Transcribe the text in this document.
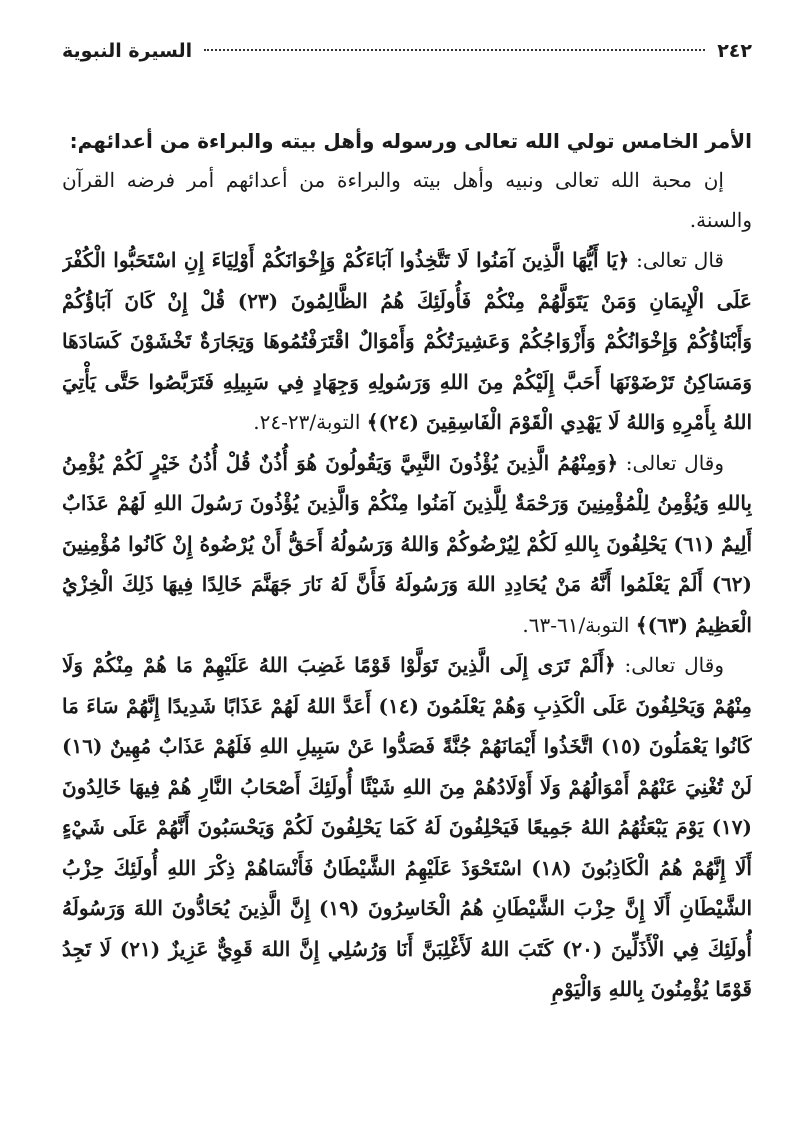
٢٤٢
السيرة النبوية
الأمر الخامس تولي الله تعالى ورسوله وأهل بيته والبراءة من أعدائهم:

إن محبة الله تعالى ونبيه وأهل بيته والبراءة من أعدائهم أمر فرضه القرآن والسنة.

قال تعالى: ﴿يَا أَيُّهَا الَّذِينَ آمَنُوا لَا تَتَّخِذُوا آبَاءَكُمْ وَإِخْوَانَكُمْ أَوْلِيَاءَ إِنِ اسْتَحَبُّوا الْكُفْرَ عَلَى الْإِيمَانِ وَمَنْ يَتَوَلَّهُمْ مِنْكُمْ فَأُولَئِكَ هُمُ الظَّالِمُونَ (٢٣) قُلْ إِنْ كَانَ آبَاؤُكُمْ وَأَبْنَاؤُكُمْ وَإِخْوَانُكُمْ وَأَزْوَاجُكُمْ وَعَشِيرَتُكُمْ وَأَمْوَالٌ اقْتَرَفْتُمُوهَا وَتِجَارَةٌ تَخْشَوْنَ كَسَادَهَا وَمَسَاكِنُ تَرْضَوْنَهَا أَحَبَّ إِلَيْكُمْ مِنَ اللهِ وَرَسُولِهِ وَجِهَادٍ فِي سَبِيلِهِ فَتَرَبَّصُوا حَتَّى يَأْتِيَ اللهُ بِأَمْرِهِ وَاللهُ لَا يَهْدِي الْقَوْمَ الْفَاسِقِينَ (٢٤)﴾ التوبة/٢٣-٢٤.

وقال تعالى: ﴿وَمِنْهُمُ الَّذِينَ يُؤْذُونَ النَّبِيَّ وَيَقُولُونَ هُوَ أُذُنٌ قُلْ أُذُنُ خَيْرٍ لَكُمْ يُؤْمِنُ بِاللهِ وَيُؤْمِنُ لِلْمُؤْمِنِينَ وَرَحْمَةٌ لِلَّذِينَ آمَنُوا مِنْكُمْ وَالَّذِينَ يُؤْذُونَ رَسُولَ اللهِ لَهُمْ عَذَابٌ أَلِيمٌ (٦١) يَحْلِفُونَ بِاللهِ لَكُمْ لِيُرْضُوكُمْ وَاللهُ وَرَسُولُهُ أَحَقُّ أَنْ يُرْضُوهُ إِنْ كَانُوا مُؤْمِنِينَ (٦٢) أَلَمْ يَعْلَمُوا أَنَّهُ مَنْ يُحَادِدِ اللهَ وَرَسُولَهُ فَأَنَّ لَهُ نَارَ جَهَنَّمَ خَالِدًا فِيهَا ذَلِكَ الْخِزْيُ الْعَظِيمُ (٦٣)﴾ التوبة/٦١-٦٣.

وقال تعالى: ﴿أَلَمْ تَرَى إِلَى الَّذِينَ تَوَلَّوْا قَوْمًا غَضِبَ اللهُ عَلَيْهِمْ مَا هُمْ مِنْكُمْ وَلَا مِنْهُمْ وَيَحْلِفُونَ عَلَى الْكَذِبِ وَهُمْ يَعْلَمُونَ (١٤) أَعَدَّ اللهُ لَهُمْ عَذَابًا شَدِيدًا إِنَّهُمْ سَاءَ مَا كَانُوا يَعْمَلُونَ (١٥) اتَّخَذُوا أَيْمَانَهُمْ جُنَّةً فَصَدُّوا عَنْ سَبِيلِ اللهِ فَلَهُمْ عَذَابٌ مُهِينٌ (١٦) لَنْ تُغْنِيَ عَنْهُمْ أَمْوَالُهُمْ وَلَا أَوْلَادُهُمْ مِنَ اللهِ شَيْئًا أُولَئِكَ أَصْحَابُ النَّارِ هُمْ فِيهَا خَالِدُونَ (١٧) يَوْمَ يَبْعَثُهُمُ اللهُ جَمِيعًا فَيَحْلِفُونَ لَهُ كَمَا يَحْلِفُونَ لَكُمْ وَيَحْسَبُونَ أَنَّهُمْ عَلَى شَيْءٍ أَلَا إِنَّهُمْ هُمُ الْكَاذِبُونَ (١٨) اسْتَحْوَذَ عَلَيْهِمُ الشَّيْطَانُ فَأَنْسَاهُمْ ذِكْرَ اللهِ أُولَئِكَ حِزْبُ الشَّيْطَانِ أَلَا إِنَّ حِزْبَ الشَّيْطَانِ هُمُ الْخَاسِرُونَ (١٩) إِنَّ الَّذِينَ يُحَادُّونَ اللهَ وَرَسُولَهُ أُولَئِكَ فِي الْأَذَلِّينَ (٢٠) كَتَبَ اللهُ لَأَغْلِبَنَّ أَنَا وَرُسُلِي إِنَّ اللهَ قَوِيٌّ عَزِيزٌ (٢١) لَا تَجِدُ قَوْمًا يُؤْمِنُونَ بِاللهِ وَالْيَوْمِ
